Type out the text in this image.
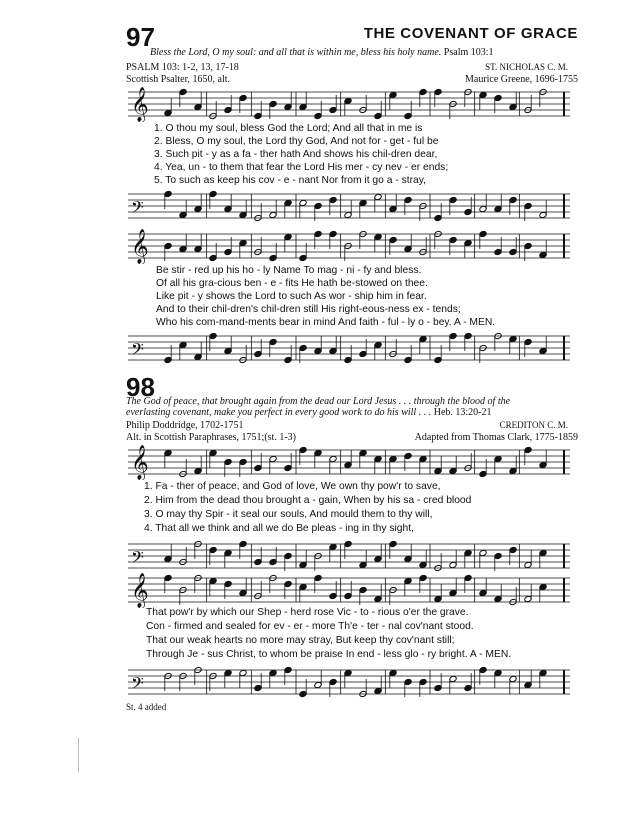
97	THE COVENANT OF GRACE
Bless the Lord, O my soul: and all that is within me, bless his holy name. Psalm 103:1
PSALM 103: 1-2, 13, 17-18
Scottish Psalter, 1650, alt.
ST. NICHOLAS C. M.
Maurice Greene, 1696-1755
𝄞
1. O thou my soul, bless God the Lord; And all that in me is
2. Bless, O my soul, the Lord thy God, And not for - get - ful be
3. Such pit - y as a fa - ther hath And shows his chil-dren dear,
4. Yea, un - to them that fear the Lord His mer - cy nev - er ends;
5. To such as keep his cov - e - nant Nor from it go a - stray,
𝄢
𝄞
Be stir - red up his ho - ly Name To mag - ni - fy and bless.
Of all his gra-cious ben - e - fits He hath be-stowed on thee.
Like pit - y shows the Lord to such As wor - ship him in fear.
And to their chil-dren's chil-dren still His right-eous-ness ex - tends;
Who his com-mand-ments bear in mind And faith - ful - ly o - bey. A - MEN.
𝄢
98
The God of peace, that brought again from the dead our Lord Jesus . . . through the blood of the everlasting covenant, make you perfect in every good work to do his will . . . Heb. 13:20-21
Philip Doddridge, 1702-1751
Alt. in Scottish Paraphrases, 1751;(st. 1-3)
CREDITON C. M.
Adapted from Thomas Clark, 1775-1859
𝄞
1. Fa - ther of peace, and God of love, We own thy pow'r to save,
2. Him from the dead thou brought a - gain, When by his sa - cred blood
3. O may thy Spir - it seal our souls, And mould them to thy will,
4. That all we think and all we do Be pleas - ing in thy sight,
𝄢
𝄞
That pow'r by which our Shep - herd rose Vic - to - rious o'er the grave.
Con - firmed and sealed for ev - er - more Th'e - ter - nal cov'nant stood.
That our weak hearts no more may stray, But keep thy cov'nant still;
Through Je - sus Christ, to whom be praise In end - less glo - ry bright. A - MEN.
𝄢
St. 4 added
